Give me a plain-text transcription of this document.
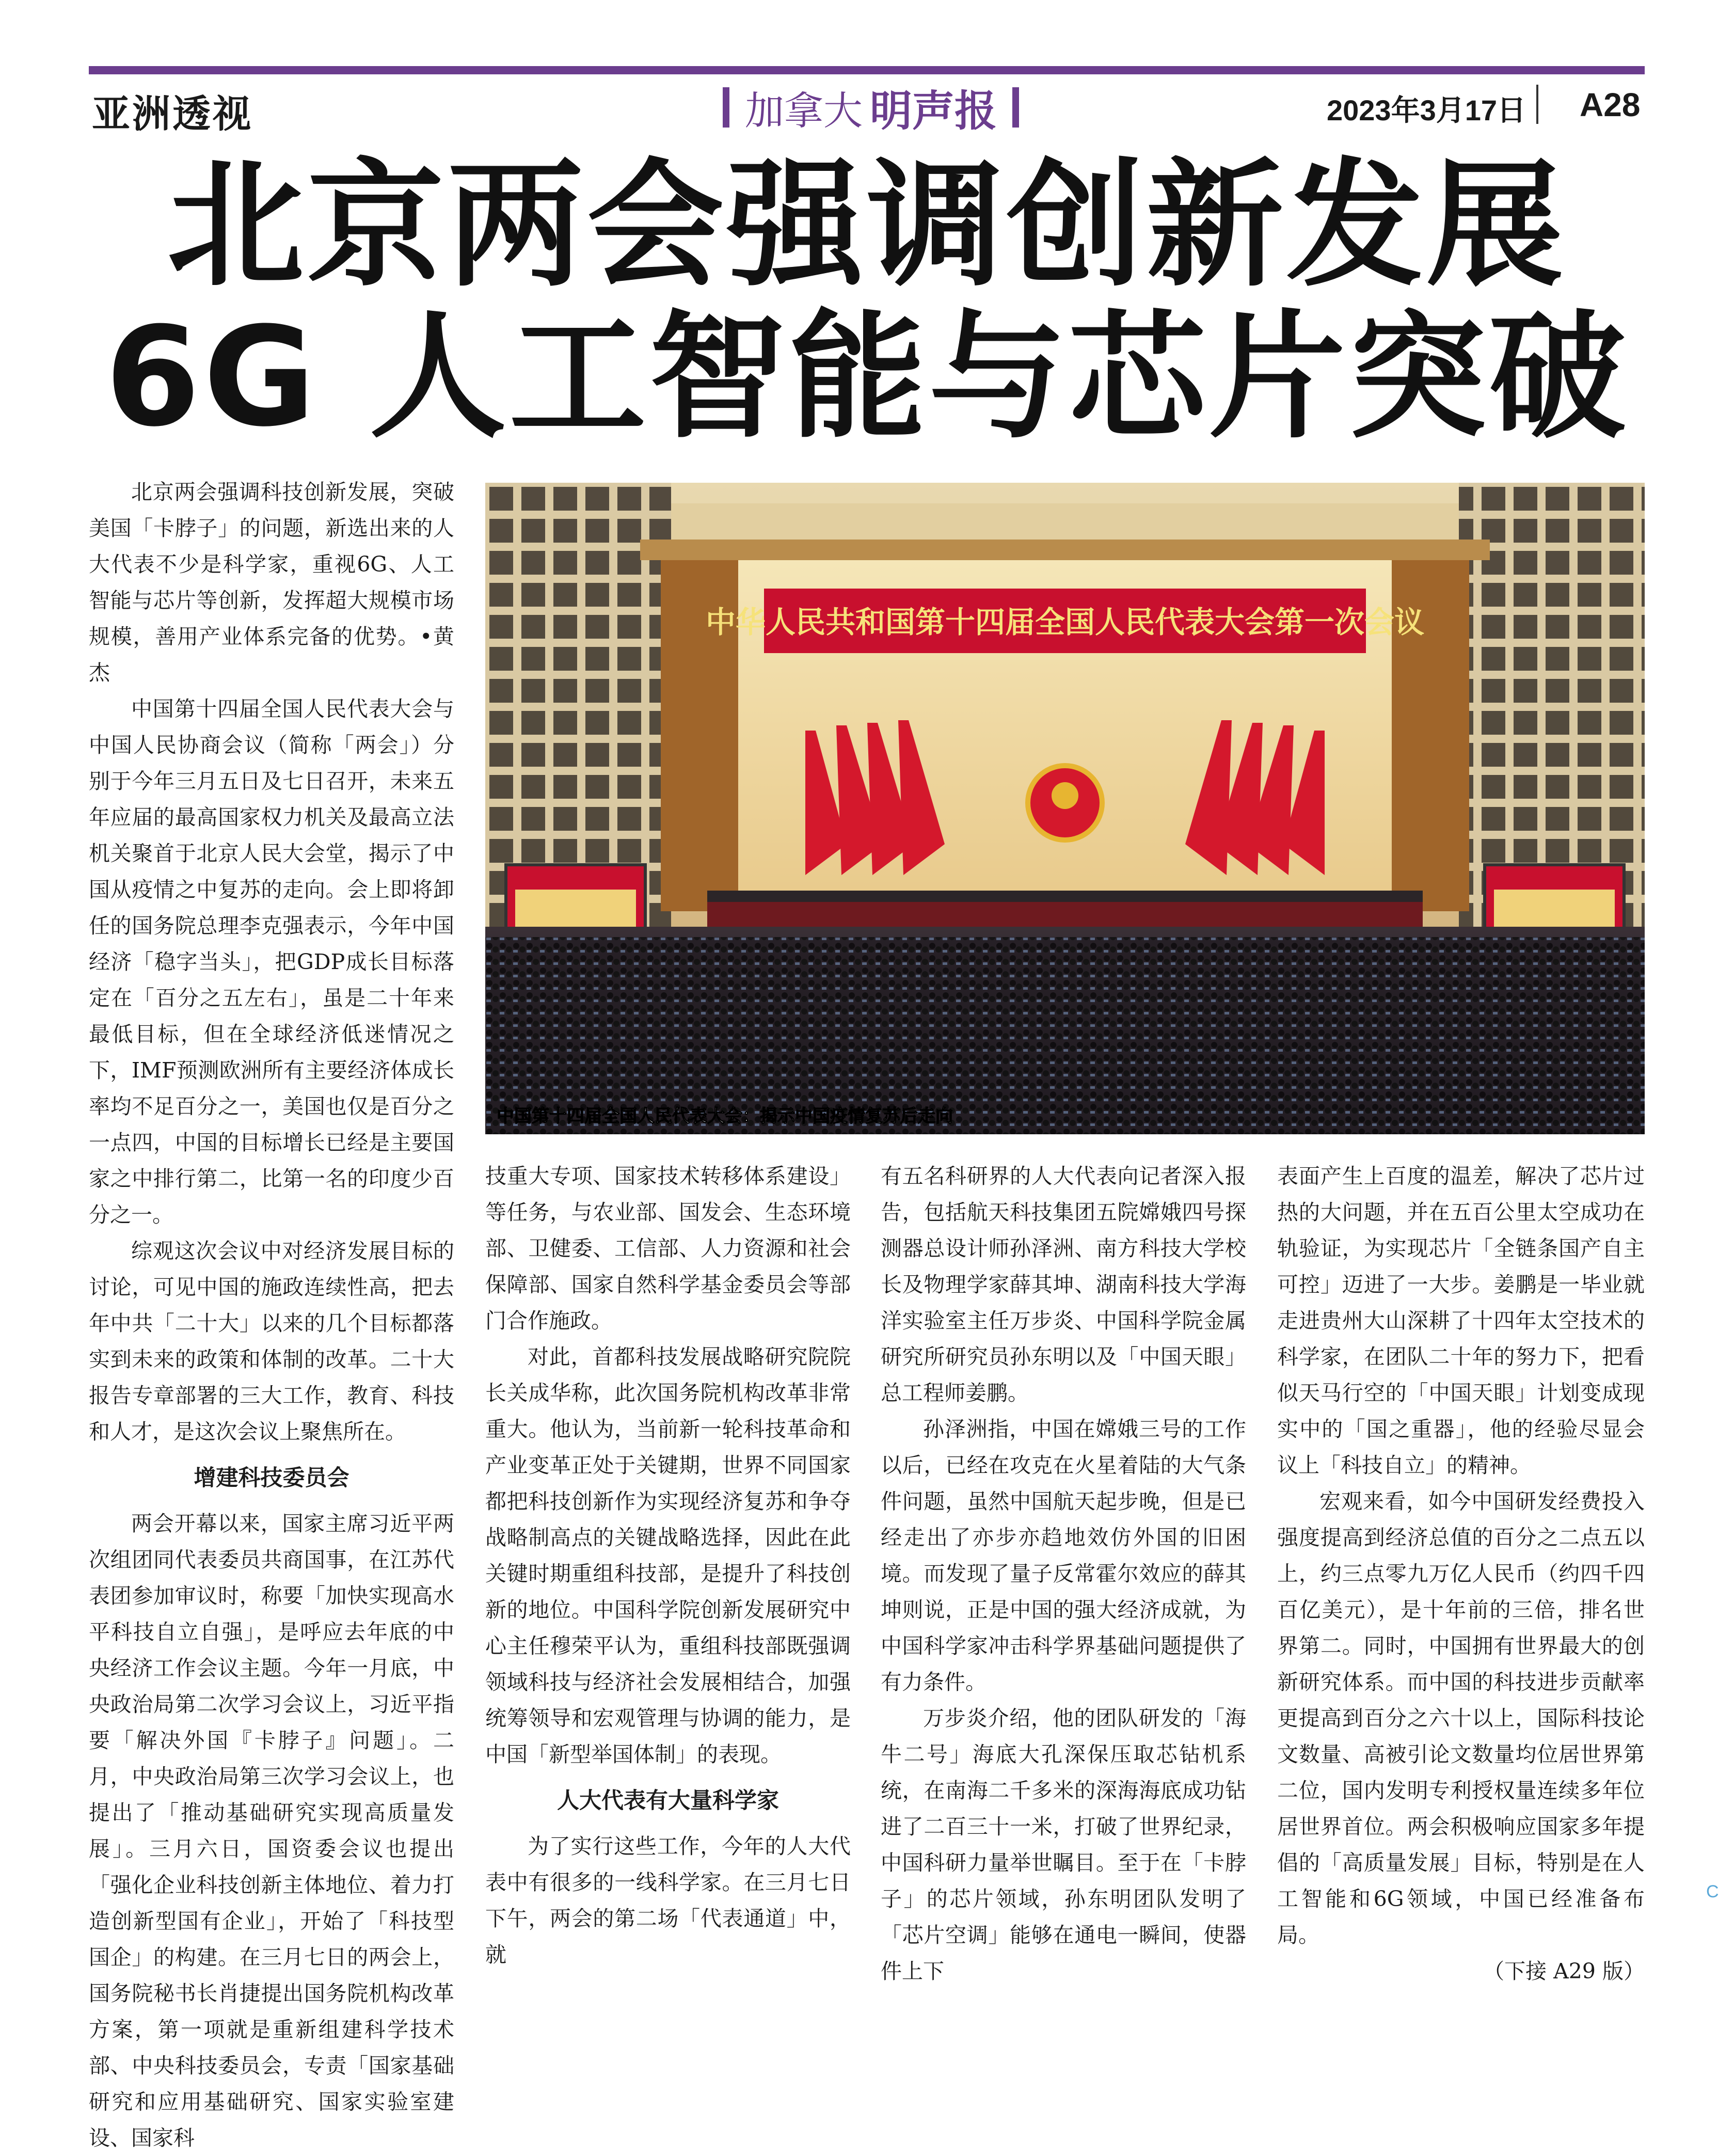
亚洲透视	加拿大 明声报	2023年3月17日 A28
北京两会强调创新发展
6G 人工智能与芯片突破

北京两会强调科技创新发展，突破美国「卡脖子」的问题，新选出来的人大代表不少是科学家，重视6G、人工智能与芯片等创新，发挥超大规模市场规模，善用产业体系完备的优势。•黄杰

中国第十四届全国人民代表大会与中国人民协商会议（简称「两会」）分别于今年三月五日及七日召开，未来五年应届的最高国家权力机关及最高立法机关聚首于北京人民大会堂，揭示了中国从疫情之中复苏的走向。会上即将卸任的国务院总理李克强表示，今年中国经济「稳字当头」，把GDP成长目标落定在「百分之五左右」，虽是二十年来最低目标，但在全球经济低迷情况之下，IMF预测欧洲所有主要经济体成长率均不足百分之一，美国也仅是百分之一点四，中国的目标增长已经是主要国家之中排行第二，比第一名的印度少百分之一。

综观这次会议中对经济发展目标的讨论，可见中国的施政连续性高，把去年中共「二十大」以来的几个目标都落实到未来的政策和体制的改革。二十大报告专章部署的三大工作，教育、科技和人才，是这次会议上聚焦所在。

增建科技委员会

两会开幕以来，国家主席习近平两次组团同代表委员共商国事，在江苏代表团参加审议时，称要「加快实现高水平科技自立自强」，是呼应去年底的中央经济工作会议主题。今年一月底，中央政治局第二次学习会议上，习近平指要「解决外国『卡脖子』问题」。二月，中央政治局第三次学习会议上，也提出了「推动基础研究实现高质量发展」。三月六日，国资委会议也提出「强化企业科技创新主体地位、着力打造创新型国有企业」，开始了「科技型国企」的构建。在三月七日的两会上，国务院秘书长肖捷提出国务院机构改革方案，第一项就是重新组建科学技术部、中央科技委员会，专责「国家基础研究和应用基础研究、国家实验室建设、国家科

中华人民共和国第十四届全国人民代表大会第一次会议
中国第十四届全国人民代表大会：揭示中国疫情复苏后走向

技重大专项、国家技术转移体系建设」等任务，与农业部、国发会、生态环境部、卫健委、工信部、人力资源和社会保障部、国家自然科学基金委员会等部门合作施政。

对此，首都科技发展战略研究院院长关成华称，此次国务院机构改革非常重大。他认为，当前新一轮科技革命和产业变革正处于关键期，世界不同国家都把科技创新作为实现经济复苏和争夺战略制高点的关键战略选择，因此在此关键时期重组科技部，是提升了科技创新的地位。中国科学院创新发展研究中心主任穆荣平认为，重组科技部既强调领域科技与经济社会发展相结合，加强统筹领导和宏观管理与协调的能力，是中国「新型举国体制」的表现。

人大代表有大量科学家

为了实行这些工作，今年的人大代表中有很多的一线科学家。在三月七日下午，两会的第二场「代表通道」中，就

有五名科研界的人大代表向记者深入报告，包括航天科技集团五院嫦娥四号探测器总设计师孙泽洲、南方科技大学校长及物理学家薛其坤、湖南科技大学海洋实验室主任万步炎、中国科学院金属研究所研究员孙东明以及「中国天眼」总工程师姜鹏。

孙泽洲指，中国在嫦娥三号的工作以后，已经在攻克在火星着陆的大气条件问题，虽然中国航天起步晚，但是已经走出了亦步亦趋地效仿外国的旧困境。而发现了量子反常霍尔效应的薛其坤则说，正是中国的强大经济成就，为中国科学家冲击科学界基础问题提供了有力条件。

万步炎介绍，他的团队研发的「海牛二号」海底大孔深保压取芯钻机系统，在南海二千多米的深海海底成功钻进了二百三十一米，打破了世界纪录，中国科研力量举世瞩目。至于在「卡脖子」的芯片领域，孙东明团队发明了「芯片空调」能够在通电一瞬间，使器件上下

表面产生上百度的温差，解决了芯片过热的大问题，并在五百公里太空成功在轨验证，为实现芯片「全链条国产自主可控」迈进了一大步。姜鹏是一毕业就走进贵州大山深耕了十四年太空技术的科学家，在团队二十年的努力下，把看似天马行空的「中国天眼」计划变成现实中的「国之重器」，他的经验尽显会议上「科技自立」的精神。

宏观来看，如今中国研发经费投入强度提高到经济总值的百分之二点五以上，约三点零九万亿人民币（约四千四百亿美元），是十年前的三倍，排名世界第二。同时，中国拥有世界最大的创新研究体系。而中国的科技进步贡献率更提高到百分之六十以上，国际科技论文数量、高被引论文数量均位居世界第二位，国内发明专利授权量连续多年位居世界首位。两会积极响应国家多年提倡的「高质量发展」目标，特别是在人工智能和6G领域，中国已经准备布局。

（下接 A29 版）

C
